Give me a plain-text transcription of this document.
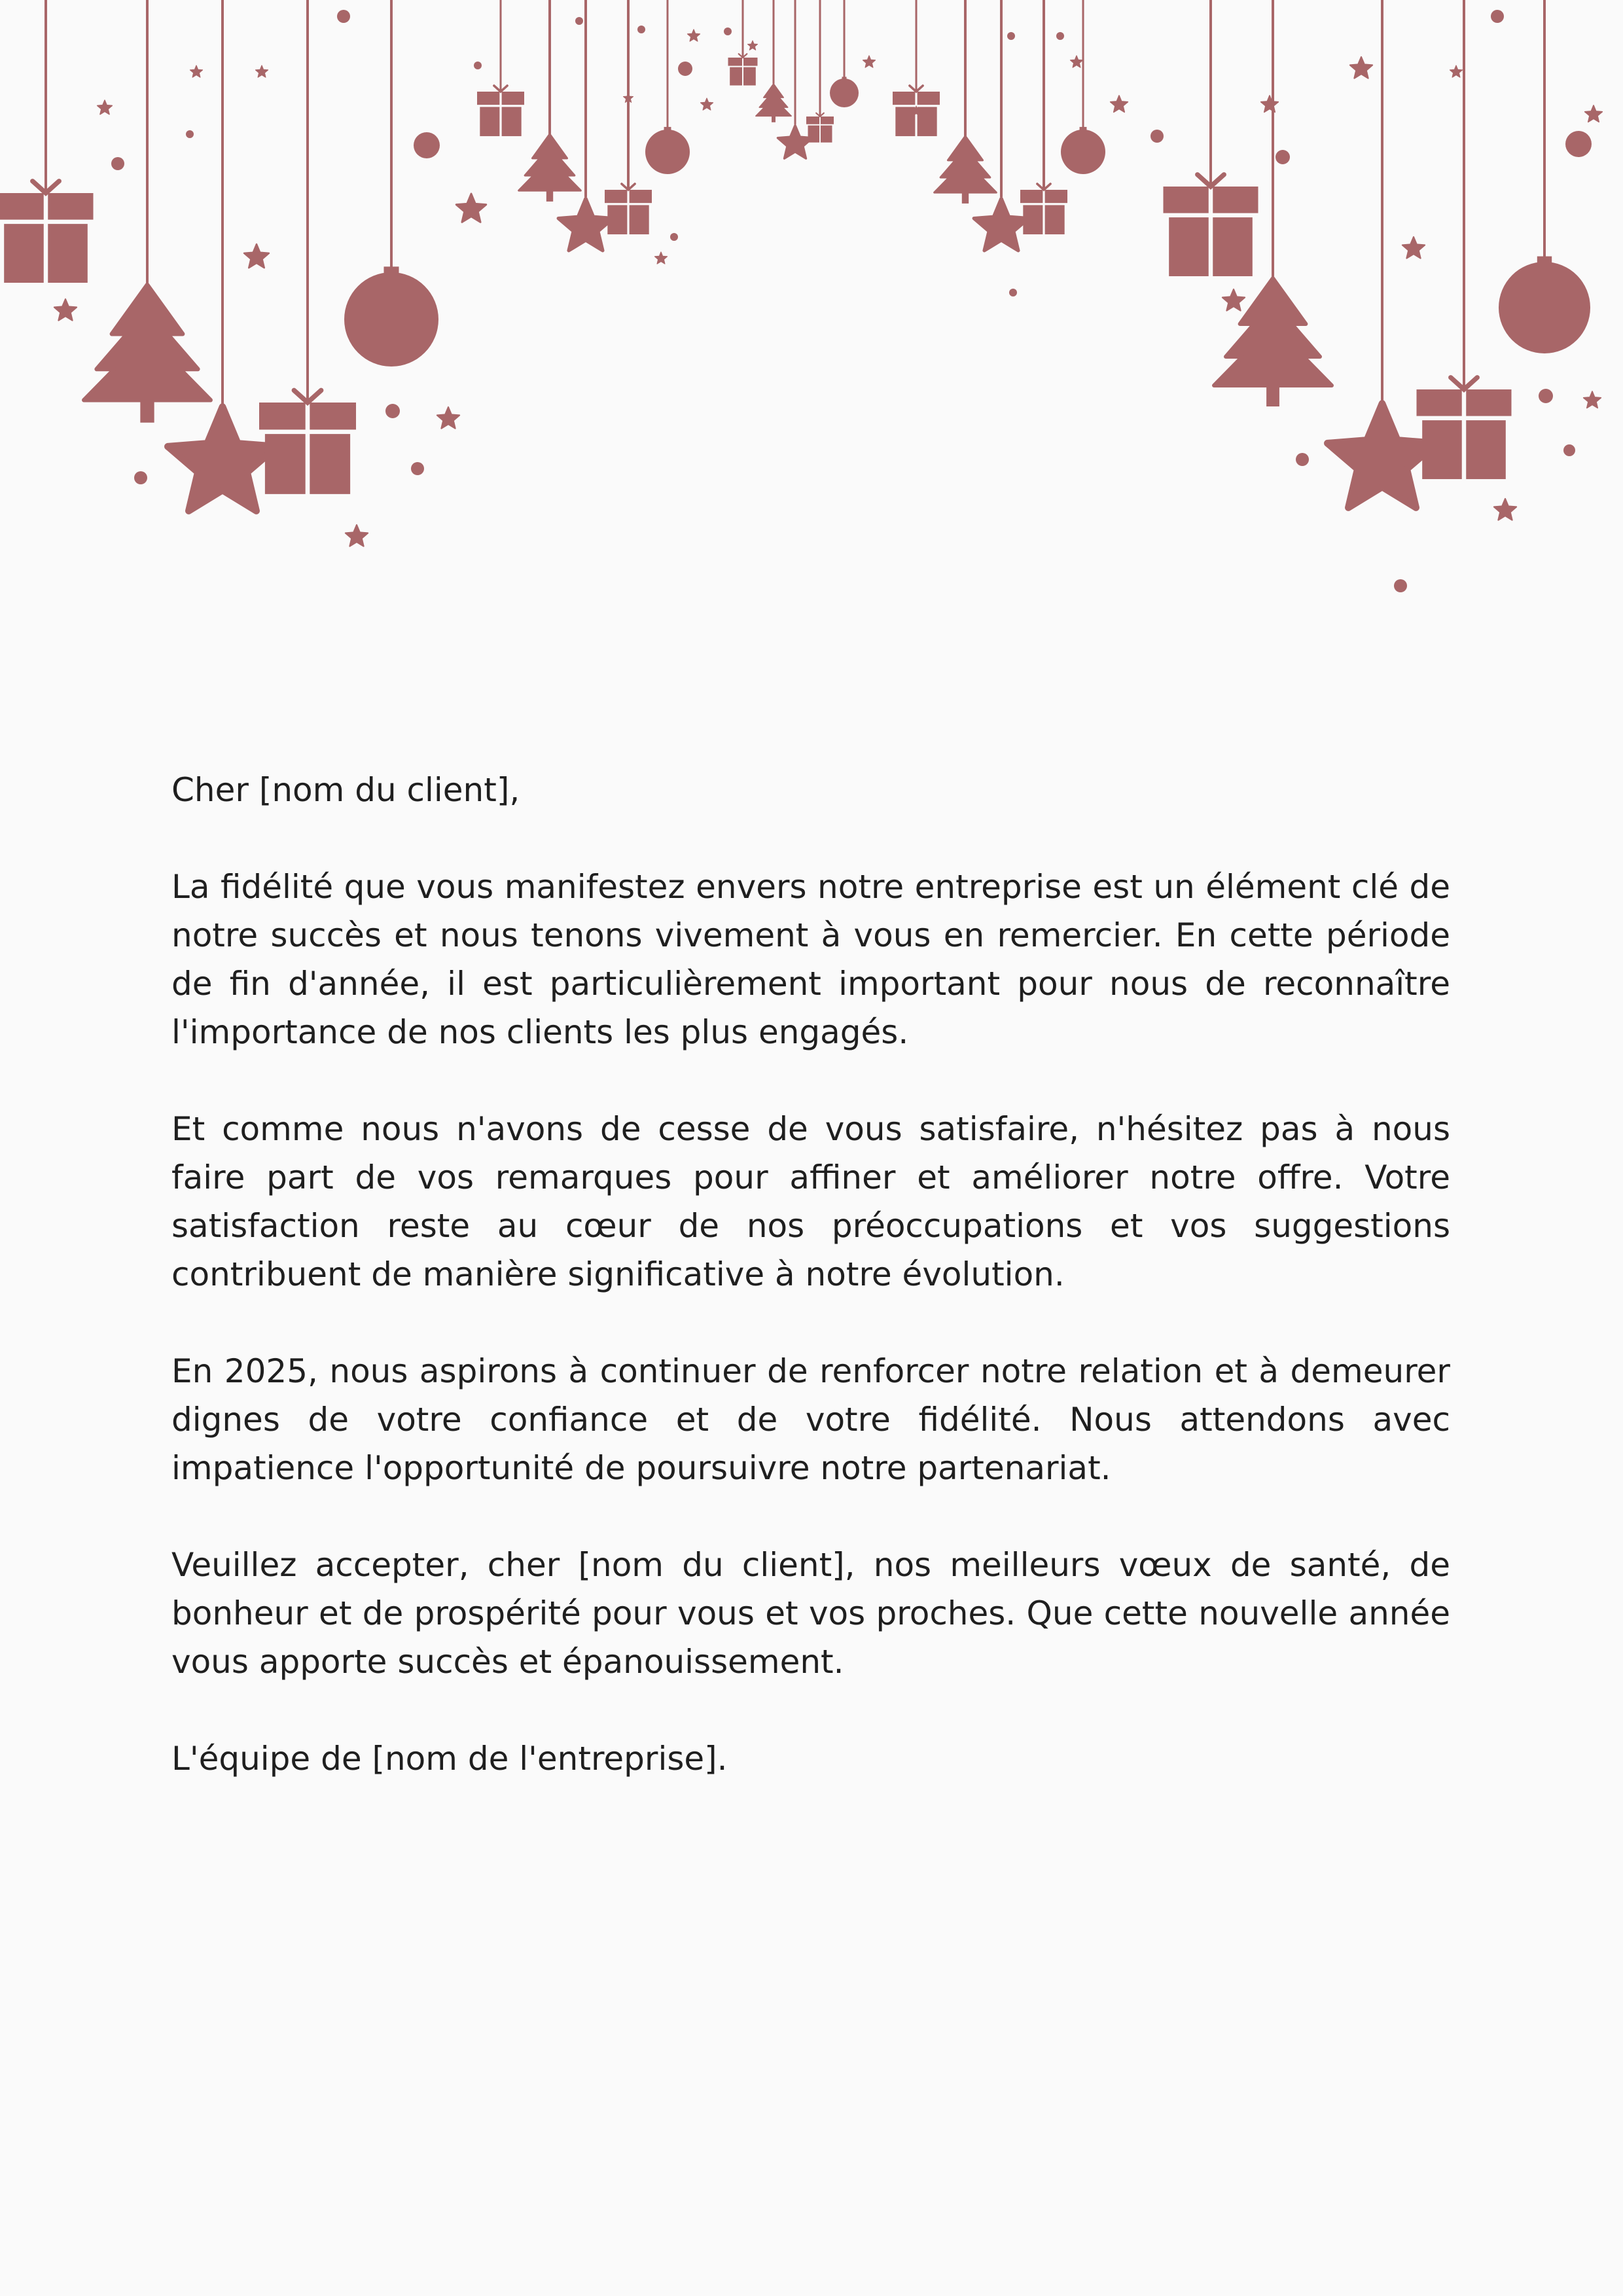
Cher [nom du client],

La fidélité que vous manifestez envers notre entreprise est un élément clé de notre succès et nous tenons vivement à vous en remercier. En cette période de fin d'année, il est particulièrement important pour nous de reconnaître l'importance de nos clients les plus engagés.

Et comme nous n'avons de cesse de vous satisfaire, n'hésitez pas à nous faire part de vos remarques pour affiner et améliorer notre offre. Votre satisfaction reste au cœur de nos préoccupations et vos suggestions contribuent de manière significative à notre évolution.

En 2025, nous aspirons à continuer de renforcer notre relation et à demeurer dignes de votre confiance et de votre fidélité. Nous attendons avec impatience l'opportunité de poursuivre notre partenariat.

Veuillez accepter, cher [nom du client], nos meilleurs vœux de santé, de bonheur et de prospérité pour vous et vos proches. Que cette nouvelle année vous apporte succès et épanouissement.

L'équipe de [nom de l'entreprise].
